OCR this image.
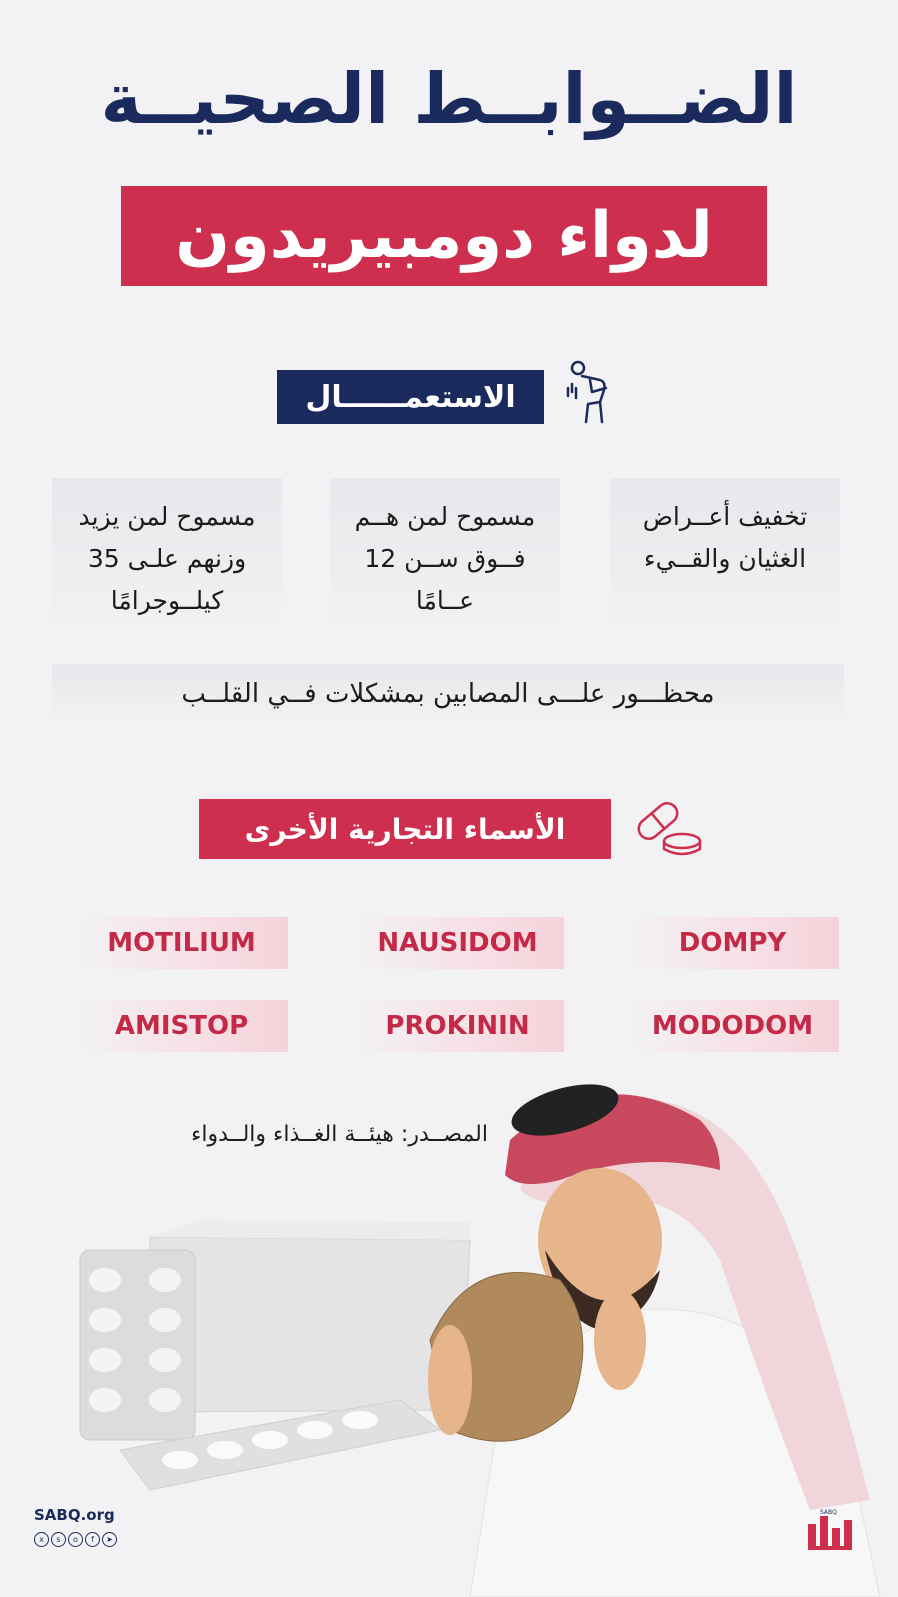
الضــوابــط الصحيــة
لدواء دومبيريدون
الاستعمــــــال
تخفيف أعــراض
الغثيان والقــيء
مسموح لمن هــم
فــوق ســن 12
عــامًا
مسموح لمن يزيد
وزنهم علـى 35
كيلــوجرامًا
محظـــور علـــى المصابين بمشكلات فــي القلــب
الأسماء التجارية الأخرى
DOMPY
NAUSIDOM
MOTILIUM
MODODOM
PROKININ
AMISTOP
المصــدر: هيئــة الغــذاء والــدواء
SABQ.org
x s o f ➤
SABQ
